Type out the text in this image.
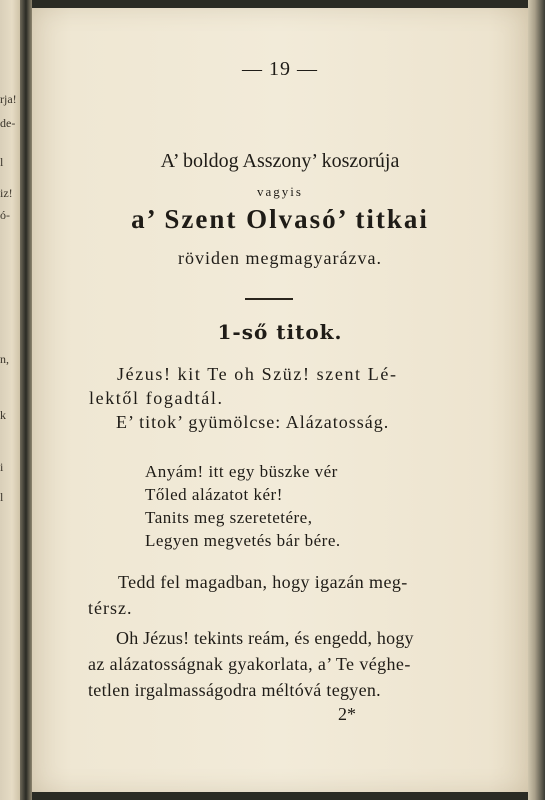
rja!
de-
l
iz!
ó-
n,
k
i
l
— 19 —
A’ boldog Asszony’ koszorúja
vagyis
a’ Szent Olvasó’ titkai
röviden megmagyarázva.
1-ső titok.
Jézus! kit Te oh Szüz! szent Lé-
lektől fogadtál.
E’ titok’ gyümölcse: Alázatosság.
Anyám! itt egy büszke vér
Tőled alázatot kér!
Tanits meg szeretetére,
Legyen megvetés bár bére.
Tedd fel magadban, hogy igazán meg-
térsz.
Oh Jézus! tekints reám, és engedd, hogy
az alázatosságnak gyakorlata, a’ Te véghe-
tetlen irgalmasságodra méltóvá tegyen.
2*
